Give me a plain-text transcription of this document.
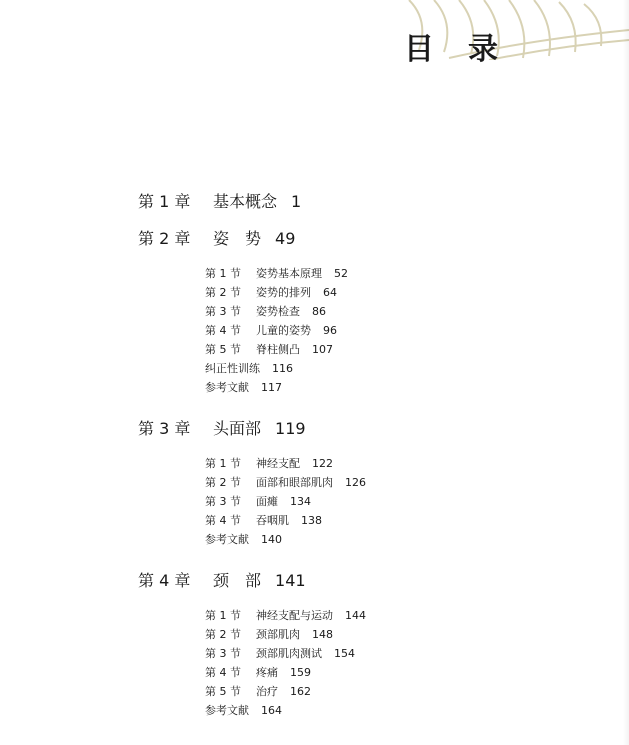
目录
第 1 章 基本概念 1
第 2 章 姿　势 49
第 1 节 姿势基本原理 52
第 2 节 姿势的排列 64
第 3 节 姿势检查 86
第 4 节 儿童的姿势 96
第 5 节 脊柱侧凸 107
纠正性训练 116
参考文献 117
第 3 章 头面部 119
第 1 节 神经支配 122
第 2 节 面部和眼部肌肉 126
第 3 节 面瘫 134
第 4 节 吞咽肌 138
参考文献 140
第 4 章 颈　部 141
第 1 节 神经支配与运动 144
第 2 节 颈部肌肉 148
第 3 节 颈部肌肉测试 154
第 4 节 疼痛 159
第 5 节 治疗 162
参考文献 164
